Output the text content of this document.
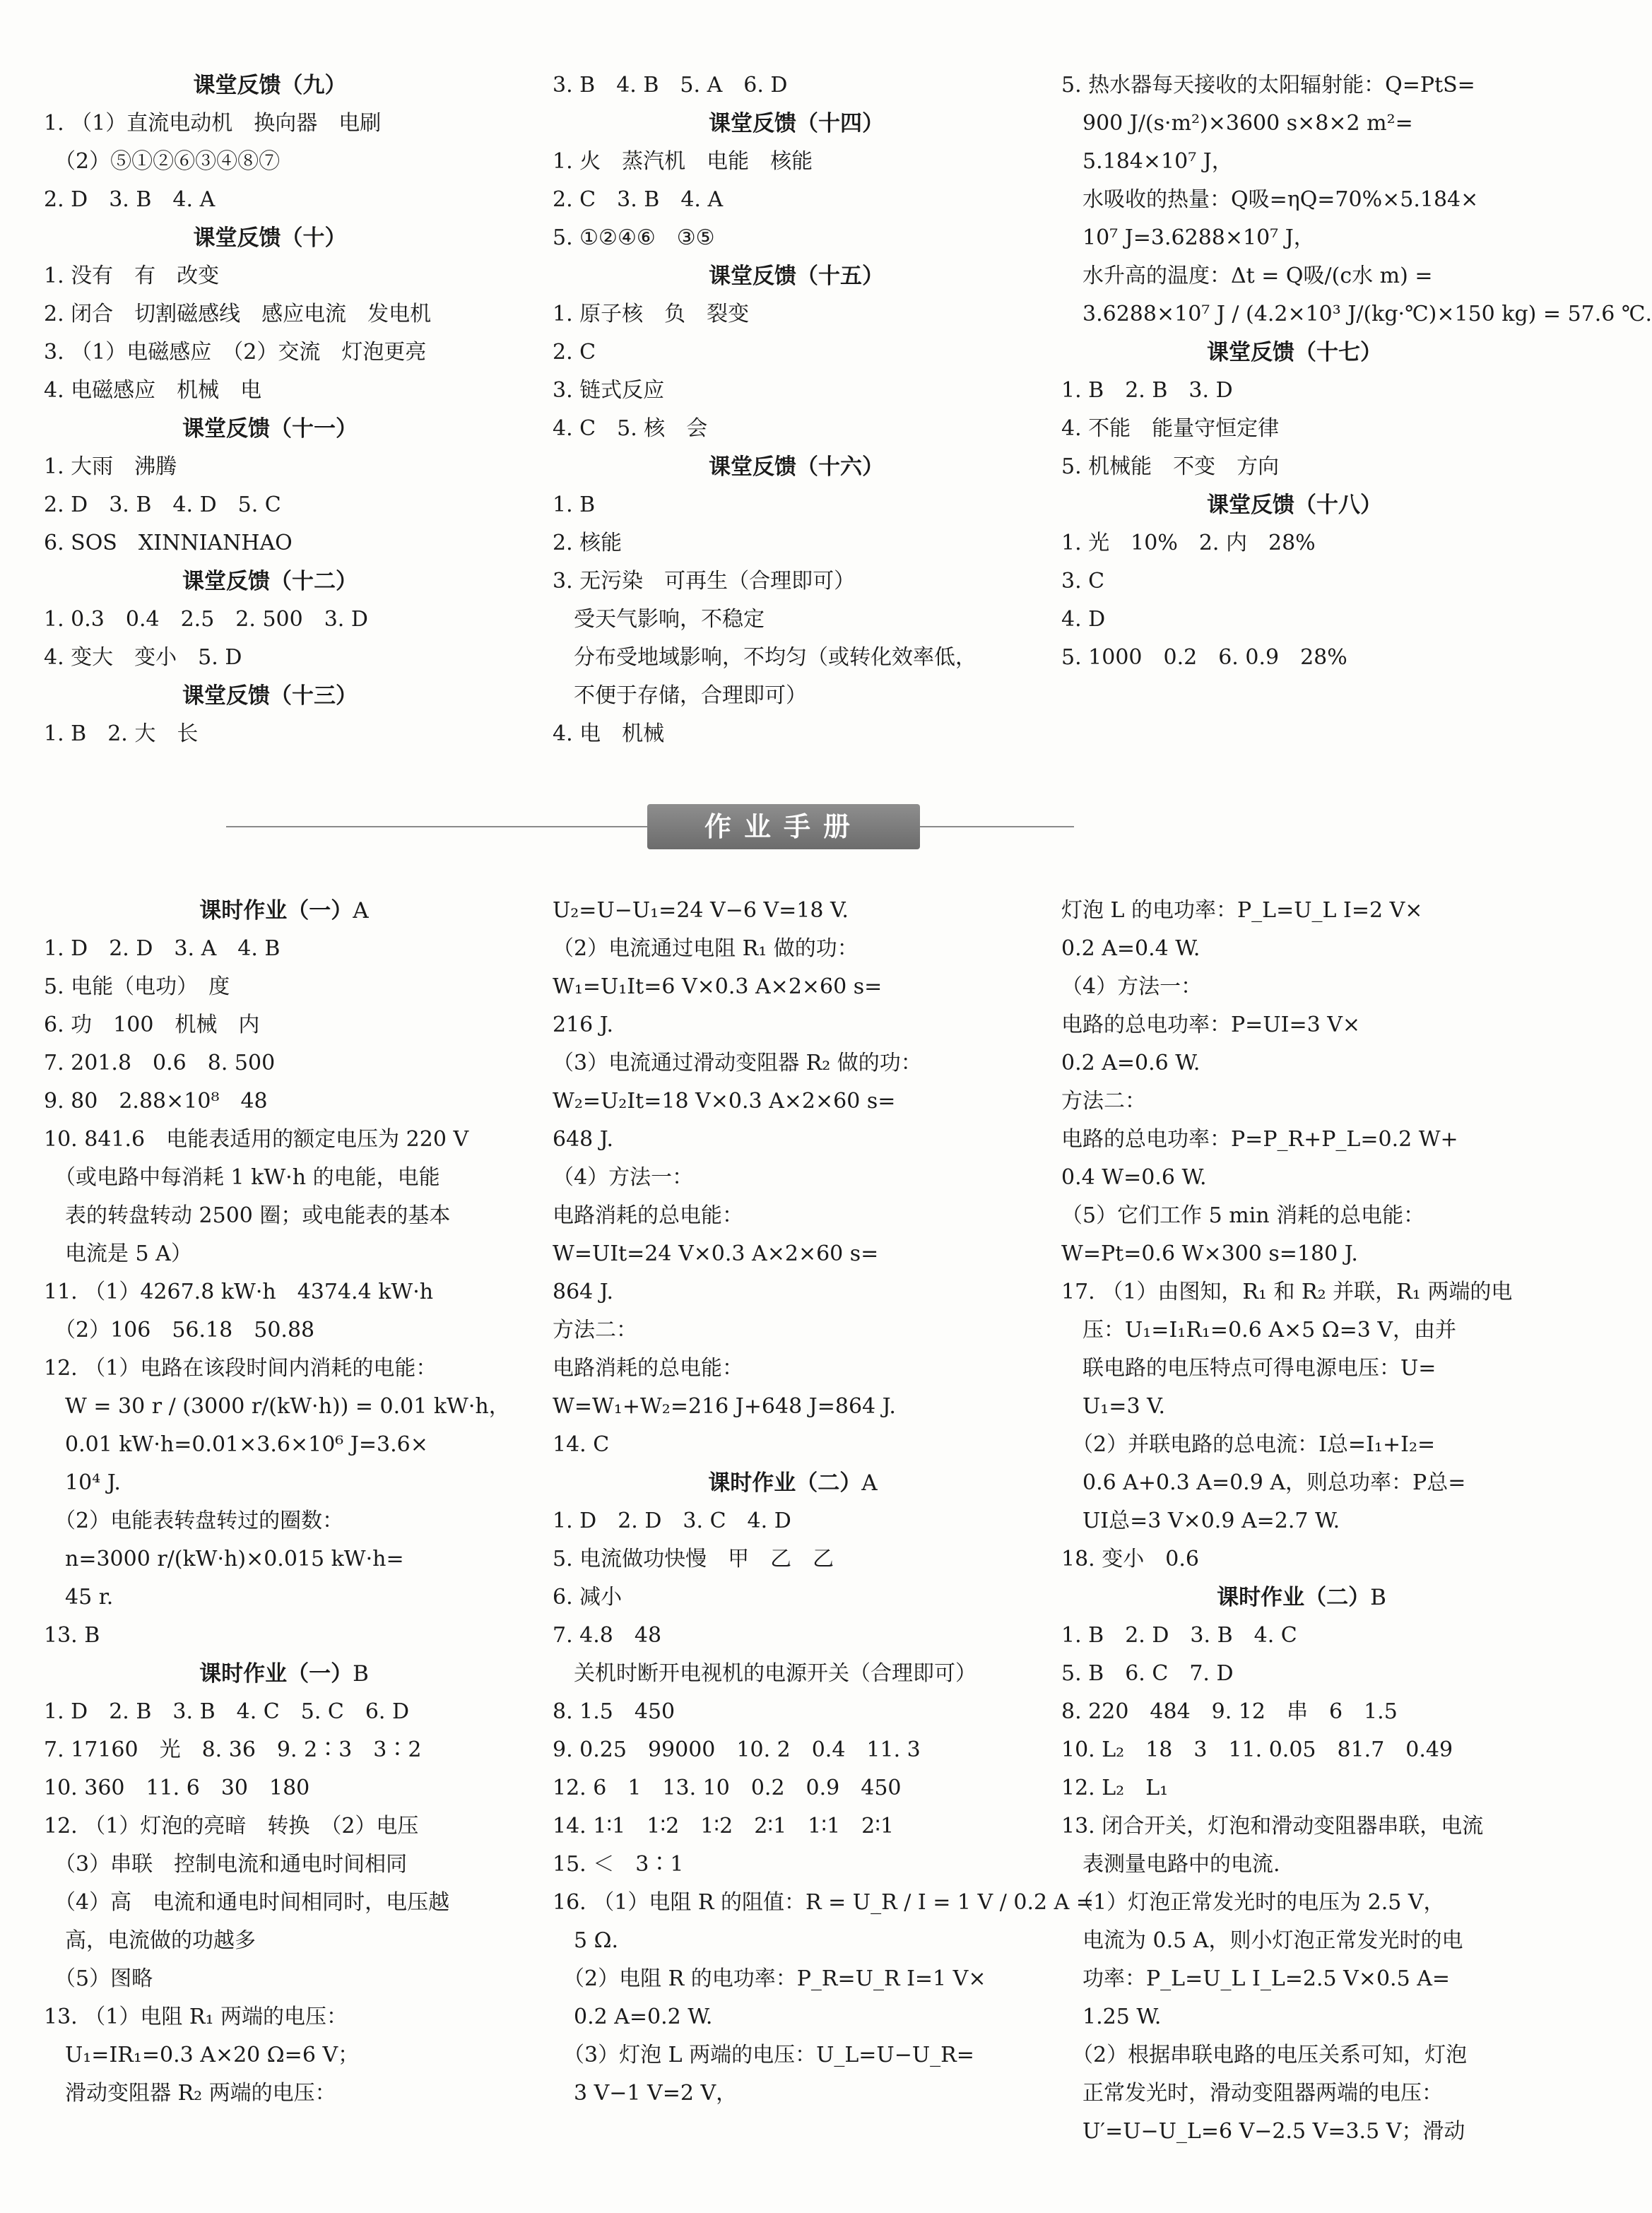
课堂反馈（九）
1. （1）直流电动机　换向器　电刷
　（2）⑤①②⑥③④⑧⑦
2. D　3. B　4. A
课堂反馈（十）
1. 没有　有　改变
2. 闭合　切割磁感线　感应电流　发电机
3. （1）电磁感应　（2）交流　灯泡更亮
4. 电磁感应　机械　电
课堂反馈（十一）
1. 大雨　沸腾
2. D　3. B　4. D　5. C
6. SOS　XINNIANHAO
课堂反馈（十二）
1. 0.3　0.4　2.5　2. 500　3. D
4. 变大　变小　5. D
课堂反馈（十三）
1. B　2. 大　长
3. B　4. B　5. A　6. D
课堂反馈（十四）
1. 火　蒸汽机　电能　核能
2. C　3. B　4. A
5. ①②④⑥　③⑤
课堂反馈（十五）
1. 原子核　负　裂变
2. C
3. 链式反应
4. C　5. 核　会
课堂反馈（十六）
1. B
2. 核能
3. 无污染　可再生（合理即可）
　受天气影响，不稳定
　分布受地域影响，不均匀（或转化效率低，
　不便于存储，合理即可）
4. 电　机械
5. 热水器每天接收的太阳辐射能：Q=PtS=
　900 J/(s·m²)×3600 s×8×2 m²=
　5.184×10⁷ J，
　水吸收的热量：Q吸=ηQ=70%×5.184×
　10⁷ J=3.6288×10⁷ J，
　水升高的温度：Δt = Q吸/(c水 m) =
　3.6288×10⁷ J / (4.2×10³ J/(kg·℃)×150 kg) = 57.6 ℃.
课堂反馈（十七）
1. B　2. B　3. D
4. 不能　能量守恒定律
5. 机械能　不变　方向
课堂反馈（十八）
1. 光　10%　2. 内　28%
3. C
4. D
5. 1000　0.2　6. 0.9　28%
作业手册
课时作业（一）A
1. D　2. D　3. A　4. B
5. 电能（电功）　度
6. 功　100　机械　内
7. 201.8　0.6　8. 500
9. 80　2.88×10⁸　48
10. 841.6　电能表适用的额定电压为 220 V
　（或电路中每消耗 1 kW·h 的电能，电能
　表的转盘转动 2500 圈；或电能表的基本
　电流是 5 A）
11. （1）4267.8 kW·h　4374.4 kW·h
　（2）106　56.18　50.88
12. （1）电路在该段时间内消耗的电能：
　W = 30 r / (3000 r/(kW·h)) = 0.01 kW·h，
　0.01 kW·h=0.01×3.6×10⁶ J=3.6×
　10⁴ J.
　（2）电能表转盘转过的圈数：
　n=3000 r/(kW·h)×0.015 kW·h=
　45 r.
13. B
课时作业（一）B
1. D　2. B　3. B　4. C　5. C　6. D
7. 17160　光　8. 36　9. 2∶3　3∶2
10. 360　11. 6　30　180
12. （1）灯泡的亮暗　转换　（2）电压
　（3）串联　控制电流和通电时间相同
　（4）高　电流和通电时间相同时，电压越
　高，电流做的功越多
　（5）图略
13. （1）电阻 R₁ 两端的电压：
　U₁=IR₁=0.3 A×20 Ω=6 V；
　滑动变阻器 R₂ 两端的电压：
U₂=U−U₁=24 V−6 V=18 V.
（2）电流通过电阻 R₁ 做的功：
W₁=U₁It=6 V×0.3 A×2×60 s=
216 J.
（3）电流通过滑动变阻器 R₂ 做的功：
W₂=U₂It=18 V×0.3 A×2×60 s=
648 J.
（4）方法一：
电路消耗的总电能：
W=UIt=24 V×0.3 A×2×60 s=
864 J.
方法二：
电路消耗的总电能：
W=W₁+W₂=216 J+648 J=864 J.
14. C
课时作业（二）A
1. D　2. D　3. C　4. D
5. 电流做功快慢　甲　乙　乙
6. 减小
7. 4.8　48
　关机时断开电视机的电源开关（合理即可）
8. 1.5　450
9. 0.25　99000　10. 2　0.4　11. 3
12. 6　1　13. 10　0.2　0.9　450
14. 1∶1　1∶2　1∶2　2∶1　1∶1　2∶1
15. ＜　3∶1
16. （1）电阻 R 的阻值：R = U_R / I = 1 V / 0.2 A =
　5 Ω.
　（2）电阻 R 的电功率：P_R=U_R I=1 V×
　0.2 A=0.2 W.
　（3）灯泡 L 两端的电压：U_L=U−U_R=
　3 V−1 V=2 V，
灯泡 L 的电功率：P_L=U_L I=2 V×
0.2 A=0.4 W.
（4）方法一：
电路的总电功率：P=UI=3 V×
0.2 A=0.6 W.
方法二：
电路的总电功率：P=P_R+P_L=0.2 W+
0.4 W=0.6 W.
（5）它们工作 5 min 消耗的总电能：
W=Pt=0.6 W×300 s=180 J.
17. （1）由图知，R₁ 和 R₂ 并联，R₁ 两端的电
　压：U₁=I₁R₁=0.6 A×5 Ω=3 V，由并
　联电路的电压特点可得电源电压：U=
　U₁=3 V.
　（2）并联电路的总电流：I总=I₁+I₂=
　0.6 A+0.3 A=0.9 A，则总功率：P总=
　UI总=3 V×0.9 A=2.7 W.
18. 变小　0.6
课时作业（二）B
1. B　2. D　3. B　4. C
5. B　6. C　7. D
8. 220　484　9. 12　串　6　1.5
10. L₂　18　3　11. 0.05　81.7　0.49
12. L₂　L₁
13. 闭合开关，灯泡和滑动变阻器串联，电流
　表测量电路中的电流.
　（1）灯泡正常发光时的电压为 2.5 V，
　电流为 0.5 A，则小灯泡正常发光时的电
　功率：P_L=U_L I_L=2.5 V×0.5 A=
　1.25 W.
　（2）根据串联电路的电压关系可知，灯泡
　正常发光时，滑动变阻器两端的电压：
　U′=U−U_L=6 V−2.5 V=3.5 V；滑动
